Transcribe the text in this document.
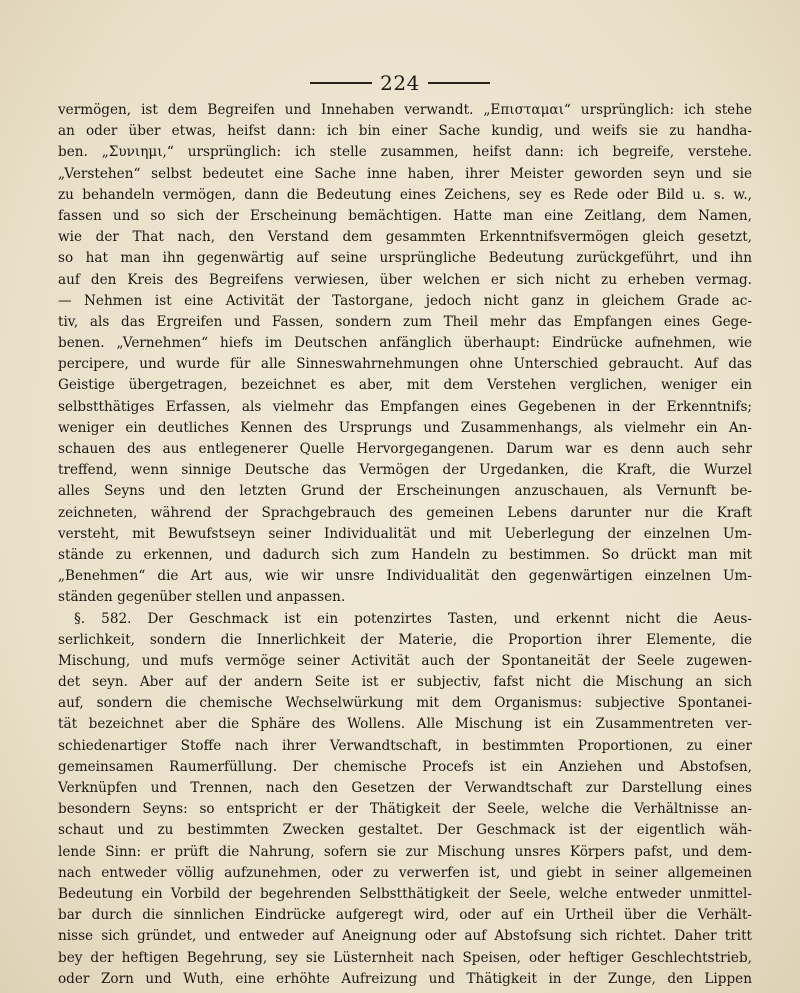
224
vermögen, ist dem Begreifen und Innehaben verwandt. „Επισταμαι“ ursprünglich: ich stehe
an oder über etwas, heifst dann: ich bin einer Sache kundig, und weifs sie zu handha-
ben. „Συνιημι,“ ursprünglich: ich stelle zusammen, heifst dann: ich begreife, verstehe.
„Verstehen“ selbst bedeutet eine Sache inne haben, ihrer Meister geworden seyn und sie
zu behandeln vermögen, dann die Bedeutung eines Zeichens, sey es Rede oder Bild u. s. w.,
fassen und so sich der Erscheinung bemächtigen. Hatte man eine Zeitlang, dem Namen,
wie der That nach, den Verstand dem gesammten Erkenntnifsvermögen gleich gesetzt,
so hat man ihn gegenwärtig auf seine ursprüngliche Bedeutung zurückgeführt, und ihn
auf den Kreis des Begreifens verwiesen, über welchen er sich nicht zu erheben vermag.
— Nehmen ist eine Activität der Tastorgane, jedoch nicht ganz in gleichem Grade ac-
tiv, als das Ergreifen und Fassen, sondern zum Theil mehr das Empfangen eines Gege-
benen. „Vernehmen“ hiefs im Deutschen anfänglich überhaupt: Eindrücke aufnehmen, wie
percipere, und wurde für alle Sinneswahrnehmungen ohne Unterschied gebraucht. Auf das
Geistige übergetragen, bezeichnet es aber, mit dem Verstehen verglichen, weniger ein
selbstthätiges Erfassen, als vielmehr das Empfangen eines Gegebenen in der Erkenntnifs;
weniger ein deutliches Kennen des Ursprungs und Zusammenhangs, als vielmehr ein An-
schauen des aus entlegenerer Quelle Hervorgegangenen. Darum war es denn auch sehr
treffend, wenn sinnige Deutsche das Vermögen der Urgedanken, die Kraft, die Wurzel
alles Seyns und den letzten Grund der Erscheinungen anzuschauen, als Vernunft be-
zeichneten, während der Sprachgebrauch des gemeinen Lebens darunter nur die Kraft
versteht, mit Bewufstseyn seiner Individualität und mit Ueberlegung der einzelnen Um-
stände zu erkennen, und dadurch sich zum Handeln zu bestimmen. So drückt man mit
„Benehmen“ die Art aus, wie wir unsre Individualität den gegenwärtigen einzelnen Um-
ständen gegenüber stellen und anpassen.
§. 582. Der Geschmack ist ein potenzirtes Tasten, und erkennt nicht die Aeus-
serlichkeit, sondern die Innerlichkeit der Materie, die Proportion ihrer Elemente, die
Mischung, und mufs vermöge seiner Activität auch der Spontaneität der Seele zugewen-
det seyn. Aber auf der andern Seite ist er subjectiv, fafst nicht die Mischung an sich
auf, sondern die chemische Wechselwürkung mit dem Organismus: subjective Spontanei-
tät bezeichnet aber die Sphäre des Wollens. Alle Mischung ist ein Zusammentreten ver-
schiedenartiger Stoffe nach ihrer Verwandtschaft, in bestimmten Proportionen, zu einer
gemeinsamen Raumerfüllung. Der chemische Procefs ist ein Anziehen und Abstofsen,
Verknüpfen und Trennen, nach den Gesetzen der Verwandtschaft zur Darstellung eines
besondern Seyns: so entspricht er der Thätigkeit der Seele, welche die Verhältnisse an-
schaut und zu bestimmten Zwecken gestaltet. Der Geschmack ist der eigentlich wäh-
lende Sinn: er prüft die Nahrung, sofern sie zur Mischung unsres Körpers pafst, und dem-
nach entweder völlig aufzunehmen, oder zu verwerfen ist, und giebt in seiner allgemeinen
Bedeutung ein Vorbild der begehrenden Selbstthätigkeit der Seele, welche entweder unmittel-
bar durch die sinnlichen Eindrücke aufgeregt wird, oder auf ein Urtheil über die Verhält-
nisse sich gründet, und entweder auf Aneignung oder auf Abstofsung sich richtet. Daher tritt
bey der heftigen Begehrung, sey sie Lüsternheit nach Speisen, oder heftiger Geschlechtstrieb,
oder Zorn und Wuth, eine erhöhte Aufreizung und Thätigkeit in der Zunge, den Lippen
